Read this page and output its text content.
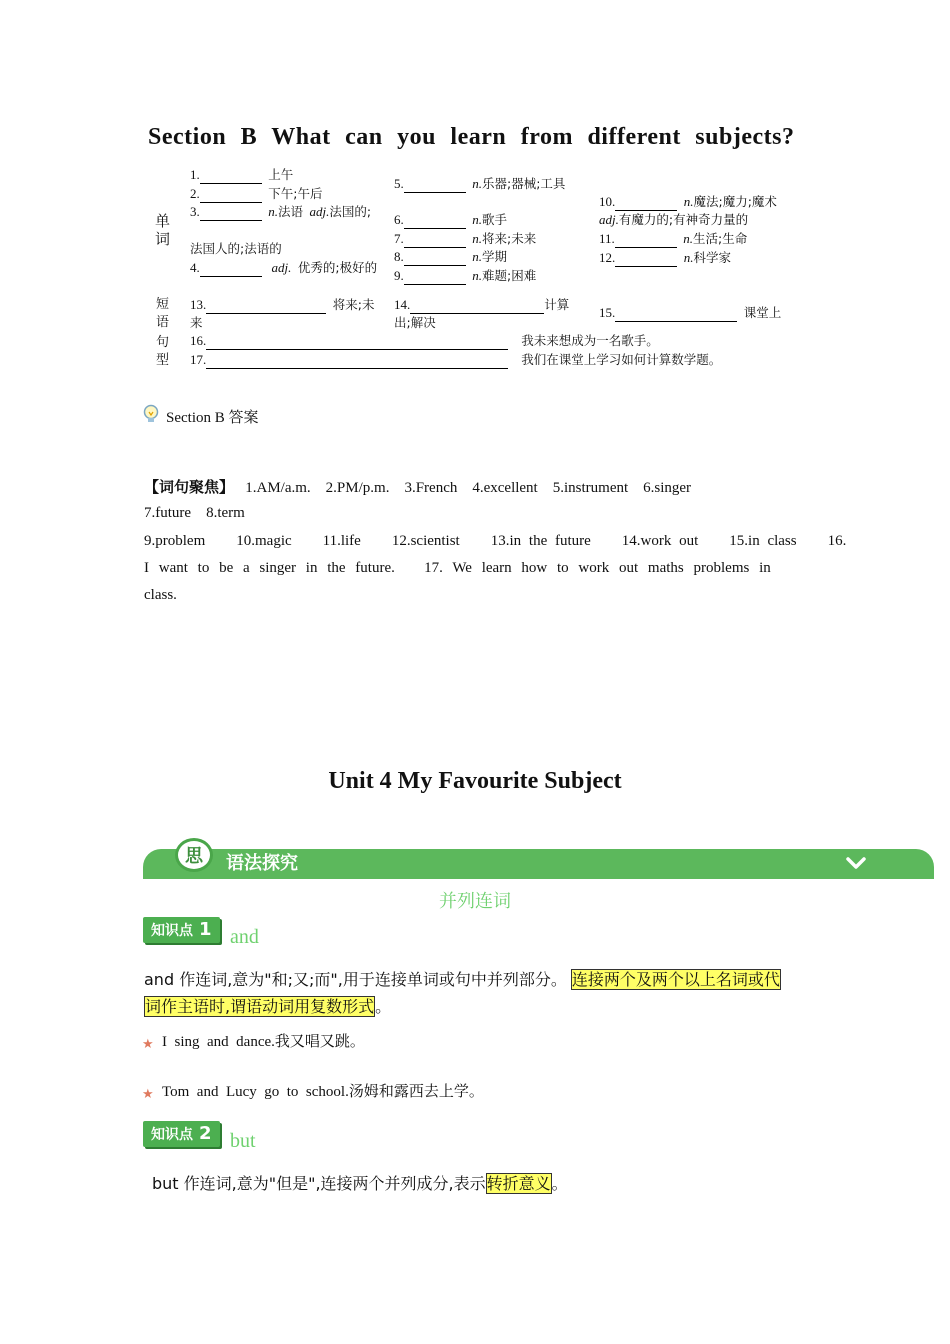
Section B What can you learn from different subjects?
单词
短语
句型
1.	上午
2.	下午;午后
3.	n.法语 adj.法国的;
法国人的;法语的
4.	adj. 优秀的;极好的
13.	将来;未来
5.	n.乐器;器械;工具
6.	n.歌手
7.	n.将来;未来
8.	n.学期
9.	n.难题;困难
14.	计算出;解决
10.	n.魔法;魔力;魔术
adj.有魔力的;有神奇力量的
11.	n.生活;生命
12.	n.科学家
15.	课堂上
16.	我未来想成为一名歌手。
17.	我们在课堂上学习如何计算数学题。
Section B 答案
【词句聚焦】 1.AM/a.m.    2.PM/p.m.    3.French    4.excellent    5.instrument    6.singer
7.future    8.term
9.problem    10.magic    11.life    12.scientist    13.in the future    14.work out    15.in class    16.
I want to be a singer in the future.   17. We learn how to work out maths problems in
class.
Unit 4 My Favourite Subject
思	语法探究
并列连词
知识点 1 and
and 作连词,意为"和;又;而",用于连接单词或句中并列部分。 连接两个及两个以上名词或代
词作主语时,谓语动词用复数形式。
★ I  sing  and  dance.我又唱又跳。
★ Tom  and  Lucy  go  to  school.汤姆和露西去上学。
知识点 2 but
but 作连词,意为"但是",连接两个并列成分,表示转折意义。
